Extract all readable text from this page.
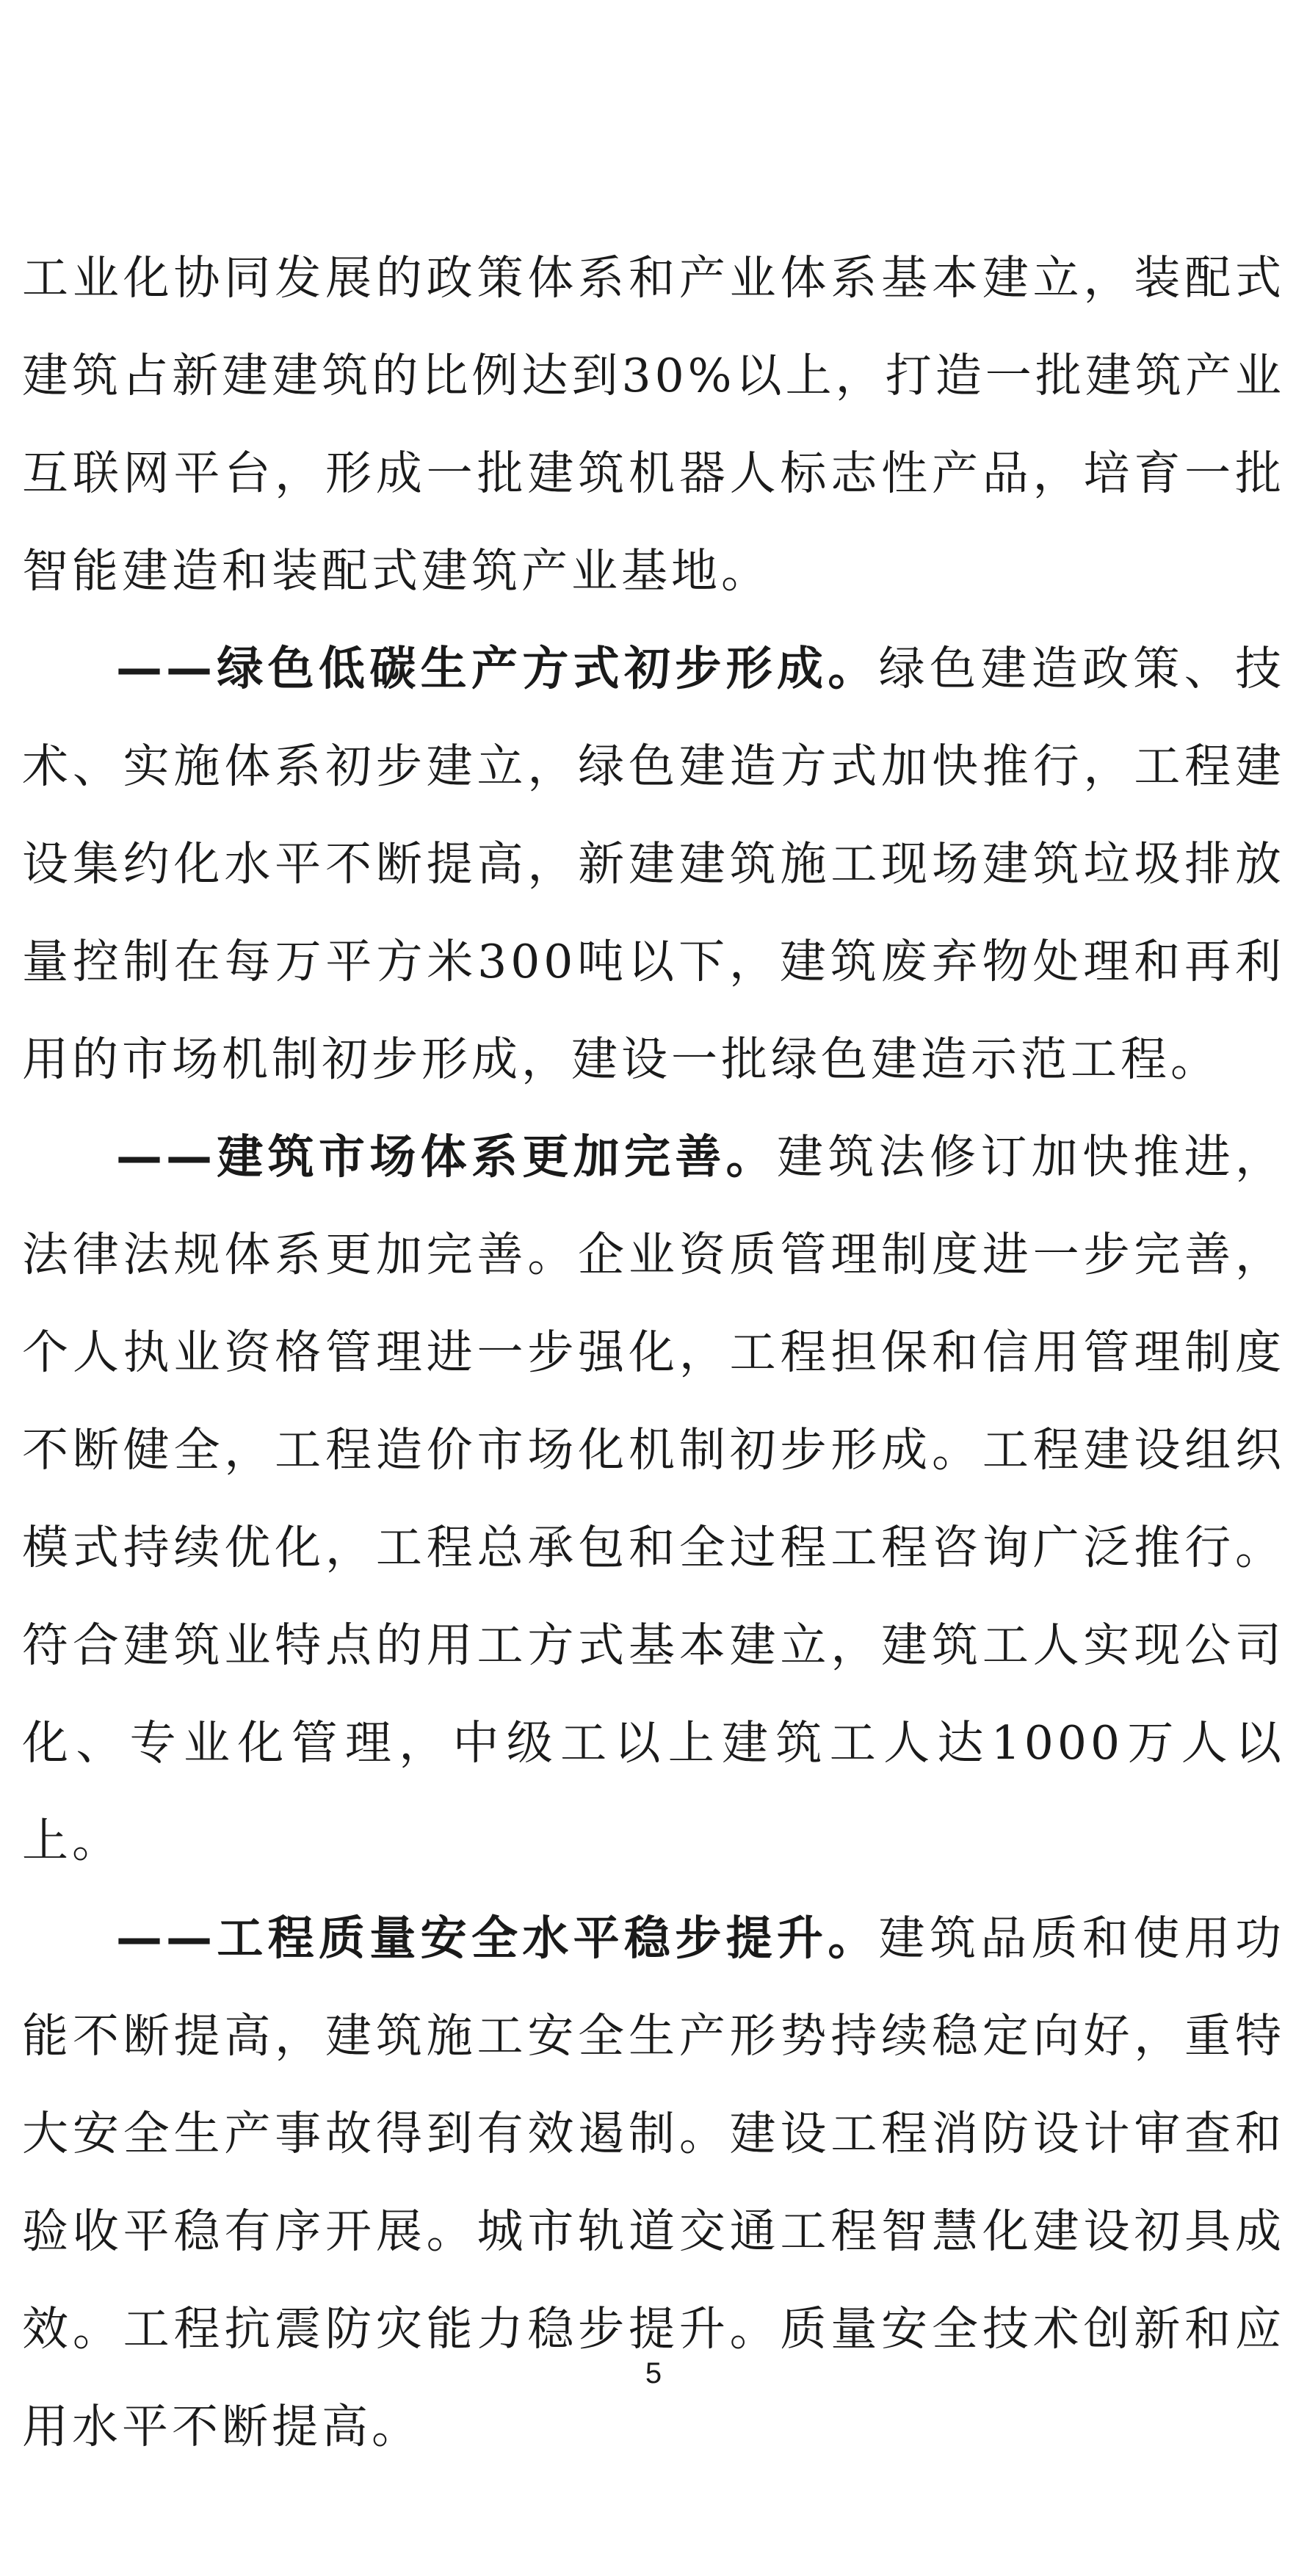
工业化协同发展的政策体系和产业体系基本建立，装配式建筑占新建建筑的比例达到30%以上，打造一批建筑产业互联网平台，形成一批建筑机器人标志性产品，培育一批智能建造和装配式建筑产业基地。

——绿色低碳生产方式初步形成。绿色建造政策、技术、实施体系初步建立，绿色建造方式加快推行，工程建设集约化水平不断提高，新建建筑施工现场建筑垃圾排放量控制在每万平方米300吨以下，建筑废弃物处理和再利用的市场机制初步形成，建设一批绿色建造示范工程。

——建筑市场体系更加完善。建筑法修订加快推进，法律法规体系更加完善。企业资质管理制度进一步完善，个人执业资格管理进一步强化，工程担保和信用管理制度不断健全，工程造价市场化机制初步形成。工程建设组织模式持续优化，工程总承包和全过程工程咨询广泛推行。符合建筑业特点的用工方式基本建立，建筑工人实现公司化、专业化管理，中级工以上建筑工人达1000万人以上。

——工程质量安全水平稳步提升。建筑品质和使用功能不断提高，建筑施工安全生产形势持续稳定向好，重特大安全生产事故得到有效遏制。建设工程消防设计审查和验收平稳有序开展。城市轨道交通工程智慧化建设初具成效。工程抗震防灾能力稳步提升。质量安全技术创新和应用水平不断提高。

5
